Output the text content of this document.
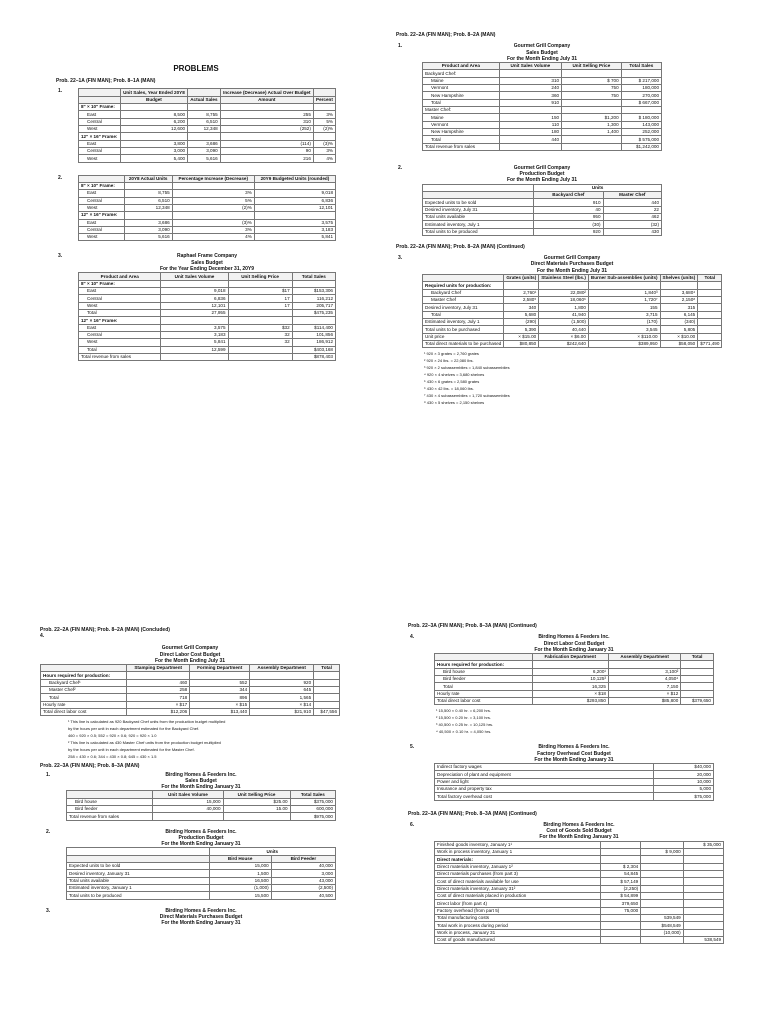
PROBLEMS
Prob. 22–1A (FIN MAN); Prob. 8–1A (MAN)
1.
		Unit Sales, Year Ended 20Y8		Increase (Decrease) Actual Over Budget	
	Budget	Actual Sales	Amount	Percent
8" × 10" Frame:				
East	8,500	8,755	255	3%
Central	6,200	6,510	310	5%
West	12,600	12,348	(252)	(2)%
12" × 16" Frame:				
East	3,800	3,686	(114)	(3)%
Central	3,000	3,090	90	3%
West	5,400	5,616	216	4%
2.
		20Y8 Actual Units	Percentage Increase (Decrease)	20Y9 Budgeted Units (rounded)
8" × 10" Frame:			
East	8,755	3%	9,018
Central	6,510	5%	6,836
West	12,348	(2)%	12,101
12" × 16" Frame:			
East	3,686	(3)%	3,575
Central	3,090	3%	3,183
West	5,616	4%	5,841
3.	Raphael Frame Company
Sales Budget
For the Year Ending December 31, 20Y9
Product and Area	Unit Sales Volume	Unit Selling Price	Total Sales
8" × 10" Frame:			
East	9,018	$17	$153,306
Central	6,836	17	116,212
West	12,101	17	205,717
Total	27,955		$475,235
12" × 16" Frame:			
East	3,575	$32	$114,400
Central	3,183	32	101,856
West	5,841	32	186,912
Total	12,599		$403,168
Total revenue from sales			$878,403
Prob. 22–2A (FIN MAN); Prob. 8–2A (MAN)
1.	Gourmet Grill Company
Sales Budget
For the Month Ending July 31
Product and Area	Unit Sales Volume	Unit Selling Price	Total Sales
Backyard Chef:			
Maine	310	$ 700	$ 217,000
Vermont	240	750	180,000
New Hampshire	360	750	270,000
Total	910		$ 667,000
Master Chef:			
Maine	150	$1,200	$ 180,000
Vermont	110	1,300	143,000
New Hampshire	180	1,400	252,000
Total	440		$ 575,000
Total revenue from sales			$1,242,000
2.	Gourmet Grill Company
Production Budget
For the Month Ending July 31
	Units	
	Backyard Chef	Master Chef
Expected units to be sold	910	440
Desired inventory, July 31	40	22
Total units available	950	462
Estimated inventory, July 1	(30)	(32)
Total units to be produced	920	430
Prob. 22–2A (FIN MAN); Prob. 8–2A (MAN) (Continued)
3.	Gourmet Grill Company
Direct Materials Purchases Budget
For the Month Ending July 31
	Grates (units)	Stainless Steel (lbs.)	Burner Sub-assemblies (units)	Shelves (units)	Total
Required units for production:					
Backyard Chef	2,760¹	22,080²	1,840³	3,680⁴	
Master Chef	2,580⁵	18,060⁶	1,720⁷	2,150⁸	
Desired inventory, July 31	340	1,800	155	315	
Total	5,680	41,940	3,715	6,145	
Estimated inventory, July 1	(290)	(1,500)	(170)	(340)	
Total units to be purchased	5,390	40,440	3,545	5,805	
Unit price	× $15.00	× $6.00	× $110.00	× $10.00	
Total direct materials to be purchased	$80,850	$242,640	$389,950	$58,050	$771,490
¹ 920 × 3 grates = 2,760 grates
² 920 × 24 lbs. = 22,080 lbs.
³ 920 × 2 subassemblies = 1,840 subassemblies
⁴ 920 × 4 shelves = 3,680 shelves
⁵ 430 × 6 grates = 2,580 grates
⁶ 430 × 42 lbs. = 18,060 lbs.
⁷ 430 × 4 subassemblies = 1,720 subassemblies
⁸ 430 × 5 shelves = 2,150 shelves
Prob. 22–2A (FIN MAN); Prob. 8–2A (MAN) (Concluded)
4.
Gourmet Grill Company
Direct Labor Cost Budget
For the Month Ending July 31
	Stamping Department	Forming Department	Assembly Department	Total
Hours required for production:				
Backyard Chef¹	460	552	920	
Master Chef²	258	344	645	
Total	718	896	1,565	
Hourly rate	× $17	× $15	× $14	
Total direct labor cost	$12,206	$13,440	$21,910	$47,556
¹ This line is calculated as 920 Backyard Chef units from the production budget multiplied
by the hours per unit in each department estimated for the Backyard Chef.
460 = 920 × 0.5; 552 = 920 × 0.6; 920 = 920 × 1.0
² This line is calculated as 430 Master Chef units from the production budget multiplied
by the hours per unit in each department estimated for the Master Chef.
258 = 430 × 0.6; 344 = 430 × 0.8; 645 = 430 × 1.5
Prob. 22–3A (FIN MAN); Prob. 8–3A (MAN)
1.	Birding Homes & Feeders Inc.
Sales Budget
For the Month Ending January 31
	Unit Sales Volume	Unit Selling Price	Total Sales
Bird house	15,000	$25.00	$375,000
Bird feeder	40,000	15.00	600,000
Total revenue from sales			$975,000
2.	Birding Homes & Feeders Inc.
Production Budget
For the Month Ending January 31
	Units	
	Bird House	Bird Feeder
Expected units to be sold	15,000	40,000
Desired inventory, January 31	1,500	3,000
Total units available	16,500	43,000
Estimated inventory, January 1	(1,000)	(2,500)
Total units to be produced	15,500	40,500
3.	Birding Homes & Feeders Inc.
Direct Materials Purchases Budget
For the Month Ending January 31
Prob. 22–3A (FIN MAN); Prob. 8–3A (MAN) (Continued)
4.	Birding Homes & Feeders Inc.
Direct Labor Cost Budget
For the Month Ending January 31
	Fabrication Department	Assembly Department	Total
Hours required for production:			
Bird house	6,200¹	3,100²	
Bird feeder	10,125³	4,050⁴	
Total	16,325	7,150	
Hourly rate	× $18	× $12	
Total direct labor cost	$293,850	$85,800	$379,650
¹ 15,500 × 0.40 hr. = 6,200 hrs.
² 15,500 × 0.20 hr. = 3,100 hrs.
³ 40,500 × 0.25 hr. = 10,125 hrs.
⁴ 40,500 × 0.10 hr. = 4,050 hrs.
5.	Birding Homes & Feeders Inc.
Factory Overhead Cost Budget
For the Month Ending January 31
Indirect factory wages	$40,000
Depreciation of plant and equipment	20,000
Power and light	10,000
Insurance and property tax	5,000
Total factory overhead cost	$75,000
Prob. 22–3A (FIN MAN); Prob. 8–3A (MAN) (Continued)
6.	Birding Homes & Feeders Inc.
Cost of Goods Sold Budget
For the Month Ending January 31
Finished goods inventory, January 1¹			$ 35,000
Work in process inventory, January 1		$ 9,000	
Direct materials:			
Direct materials inventory, January 1²	$ 2,304		
Direct materials purchases (from part 3)	54,845		
Cost of direct materials available for use	$ 57,149		
Direct materials inventory, January 31²	(2,250)		
Cost of direct materials placed in production	$ 54,899		
Direct labor (from part 4)	379,650		
Factory overhead (from part 5)	75,000		
Total manufacturing costs		539,549	
Total work in process during period		$548,549	
Work in process, January 31		(10,000)	
Cost of goods manufactured			538,549
